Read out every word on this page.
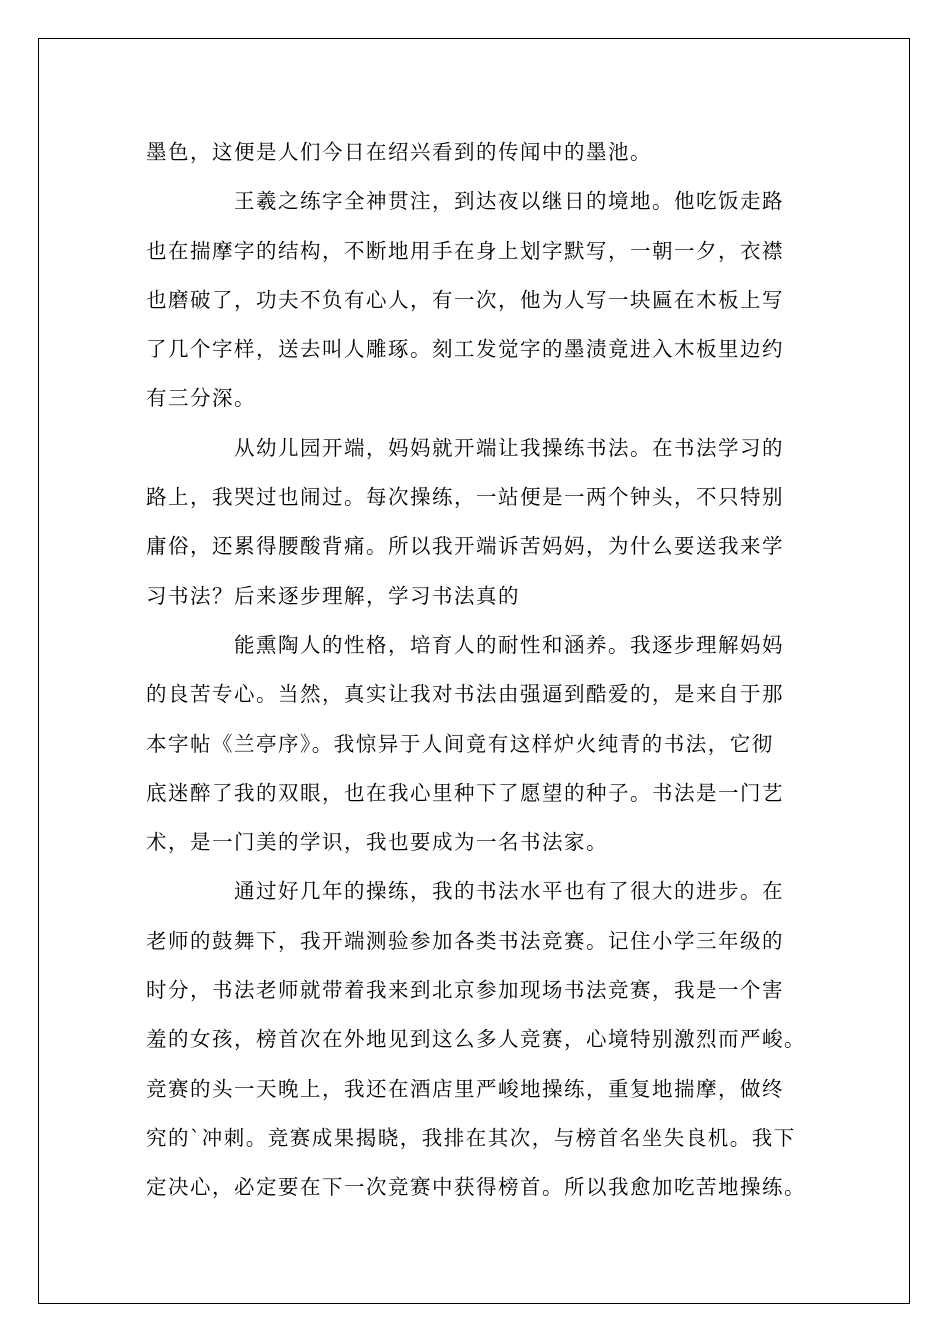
墨色，这便是人们今日在绍兴看到的传闻中的墨池。
王羲之练字全神贯注，到达夜以继日的境地。他吃饭走路
也在揣摩字的结构，不断地用手在身上划字默写，一朝一夕，衣襟
也磨破了，功夫不负有心人，有一次，他为人写一块匾在木板上写
了几个字样，送去叫人雕琢。刻工发觉字的墨渍竟进入木板里边约
有三分深。
从幼儿园开端，妈妈就开端让我操练书法。在书法学习的
路上，我哭过也闹过。每次操练，一站便是一两个钟头，不只特别
庸俗，还累得腰酸背痛。所以我开端诉苦妈妈，为什么要送我来学
习书法？后来逐步理解，学习书法真的
能熏陶人的性格，培育人的耐性和涵养。我逐步理解妈妈
的良苦专心。当然，真实让我对书法由强逼到酷爱的，是来自于那
本字帖《兰亭序》。我惊异于人间竟有这样炉火纯青的书法，它彻
底迷醉了我的双眼，也在我心里种下了愿望的种子。书法是一门艺
术，是一门美的学识，我也要成为一名书法家。
通过好几年的操练，我的书法水平也有了很大的进步。在
老师的鼓舞下，我开端测验参加各类书法竞赛。记住小学三年级的
时分，书法老师就带着我来到北京参加现场书法竞赛，我是一个害
羞的女孩，榜首次在外地见到这么多人竞赛，心境特别激烈而严峻。
竞赛的头一天晚上，我还在酒店里严峻地操练，重复地揣摩，做终
究的`冲刺。竞赛成果揭晓，我排在其次，与榜首名坐失良机。我下
定决心，必定要在下一次竞赛中获得榜首。所以我愈加吃苦地操练。
